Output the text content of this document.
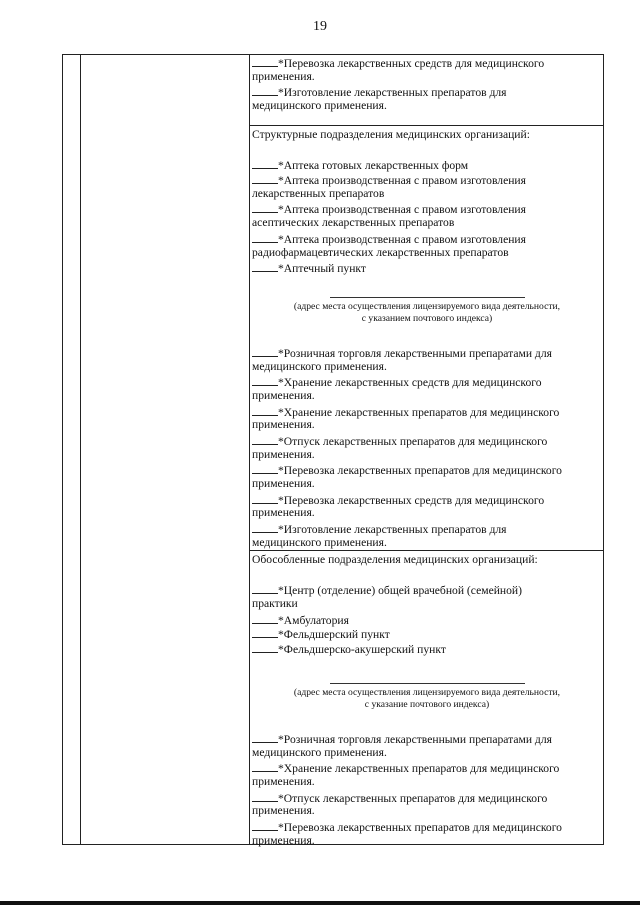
19
*Перевозка лекарственных средств для медицинского
применения.
*Изготовление лекарственных препаратов для
медицинского применения.
Структурные подразделения медицинских организаций:
*Аптека готовых лекарственных форм
*Аптека производственная с правом изготовления
лекарственных препаратов
*Аптека производственная с правом изготовления
асептических лекарственных препаратов
*Аптека производственная с правом изготовления
радиофармацевтических лекарственных препаратов
*Аптечный пункт
(адрес места осуществления лицензируемого вида деятельности,
с указанием почтового индекса)
*Розничная торговля лекарственными препаратами для
медицинского применения.
*Хранение лекарственных средств для медицинского
применения.
*Хранение лекарственных препаратов для медицинского
применения.
*Отпуск лекарственных препаратов для медицинского
применения.
*Перевозка лекарственных препаратов для медицинского
применения.
*Перевозка лекарственных средств для медицинского
применения.
*Изготовление лекарственных препаратов для
медицинского применения.
Обособленные подразделения медицинских организаций:
*Центр (отделение) общей врачебной (семейной)
практики
*Амбулатория
*Фельдшерский пункт
*Фельдшерско-акушерский пункт
(адрес места осуществления лицензируемого вида деятельности,
с указание почтового индекса)
*Розничная торговля лекарственными препаратами для
медицинского применения.
*Хранение лекарственных препаратов для медицинского
применения.
*Отпуск лекарственных препаратов для медицинского
применения.
*Перевозка лекарственных препаратов для медицинского
применения.
